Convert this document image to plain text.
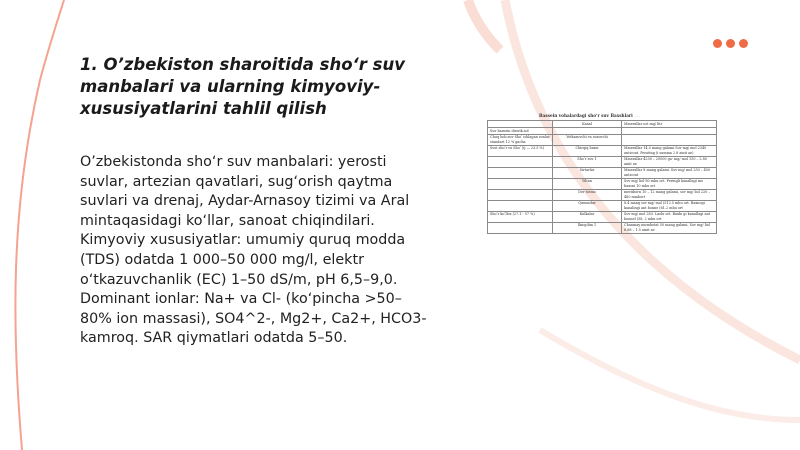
1. O’zbekiston sharoitida sho‘r suv manbalari va ularning kimyoviy-xususiyatlarini tahlil qilish

O’zbekistonda sho‘r suv manbalari: yerosti suvlar, artezian qavatlari, sug‘orish qaytma suvlari va drenaj, Aydar-Arnasoy tizimi va Aral mintaqasidagi ko‘llar, sanoat chiqindilari. Kimyoviy xususiyatlar: umumiy quruq modda (TDS) odatda 1 000–50 000 mg/l, elektr o‘tkazuvchanlik (EC) 1–50 dS/m, pH 6,5–9,0. Dominant ionlar: Na+ va Cl- (ko‘pincha >50–80% ion massasi), SO4^2-, Mg2+, Ca2+, HCO3- kamroq. SAR qiymatlari odatda 5–50.

Bassein vohalardagi sho‘r suv Baxshlari …
	Kanal	Minerallar ost mg/ litr
Suv bassein distrik.sol		
Chuq bob.suv Sho‘ ishlagan zonlar standart 12 % gacha	Yetkazuvchi va suzuvchi	
Suvi sho‘r ru Sho‘ (ij — 23.5 %)	Chirqiq baxsi	Minerallar 14.5 mang galami Sov mg/ mol 2340 anticont. Perating (i summa 2.8 amit ae)
	Sho‘r suv 1	Minerallar 4200 – 20000 ga- mg/ mol 150 – 2.80 amit ae
	Sirtarlar	Minerallar 8 mang galami. Sov mg/ mol 250 – 400 anticont
	Yiltan	Sov mg/ liol 80 mhu ort. Peringli kanallagi mo baxsni 10 mhu ort
	Der totmo	meriiborn 10 – 12 mang galami, sov mg/ liol 220 – 480 mmhort
	Qumsizlar	8.4 mang sov mg/ mol (512.5 mhu ort. Baxnogi kanalingi ant bonne (61.2 mhu ort
Sho‘r ko‘lloz (27.1 - 57 %)	Kulkalar	Sov mg/ mol 283. Laslu ort. Baxbi gi kanallagi ant bonnel (58. 2 mhu ort
	Ilmqolim 1	Chanmay mumbotat 50 mang galami. Sov mg/ liol 6.88 – 1.5 amit ae
